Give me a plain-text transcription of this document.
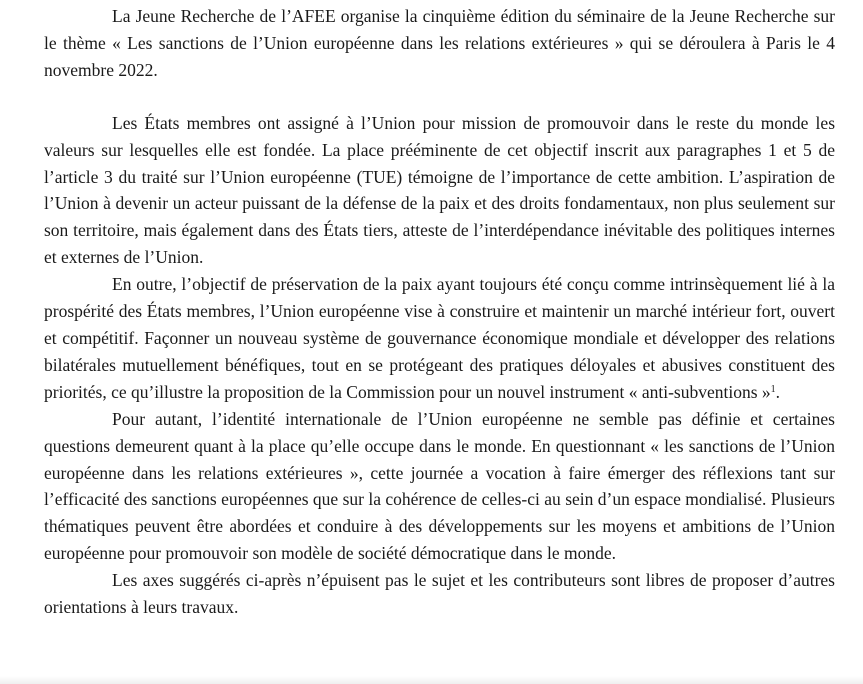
La Jeune Recherche de l’AFEE organise la cinquième édition du séminaire de la Jeune Recherche sur le thème « Les sanctions de l’Union européenne dans les relations extérieures » qui se déroulera à Paris le 4 novembre 2022.

Les États membres ont assigné à l’Union pour mission de promouvoir dans le reste du monde les valeurs sur lesquelles elle est fondée. La place prééminente de cet objectif inscrit aux paragraphes 1 et 5 de l’article 3 du traité sur l’Union européenne (TUE) témoigne de l’importance de cette ambition. L’aspiration de l’Union à devenir un acteur puissant de la défense de la paix et des droits fondamentaux, non plus seulement sur son territoire, mais également dans des États tiers, atteste de l’interdépendance inévitable des politiques internes et externes de l’Union.

En outre, l’objectif de préservation de la paix ayant toujours été conçu comme intrinsèquement lié à la prospérité des États membres, l’Union européenne vise à construire et maintenir un marché intérieur fort, ouvert et compétitif. Façonner un nouveau système de gouvernance économique mondiale et développer des relations bilatérales mutuellement bénéfiques, tout en se protégeant des pratiques déloyales et abusives constituent des priorités, ce qu’illustre la proposition de la Commission pour un nouvel instrument « anti-subventions »$^1$.

Pour autant, l’identité internationale de l’Union européenne ne semble pas définie et certaines questions demeurent quant à la place qu’elle occupe dans le monde. En questionnant « les sanctions de l’Union européenne dans les relations extérieures », cette journée a vocation à faire émerger des réflexions tant sur l’efficacité des sanctions européennes que sur la cohérence de celles-ci au sein d’un espace mondialisé. Plusieurs thématiques peuvent être abordées et conduire à des développements sur les moyens et ambitions de l’Union européenne pour promouvoir son modèle de société démocratique dans le monde.

Les axes suggérés ci-après n’épuisent pas le sujet et les contributeurs sont libres de proposer d’autres orientations à leurs travaux.
